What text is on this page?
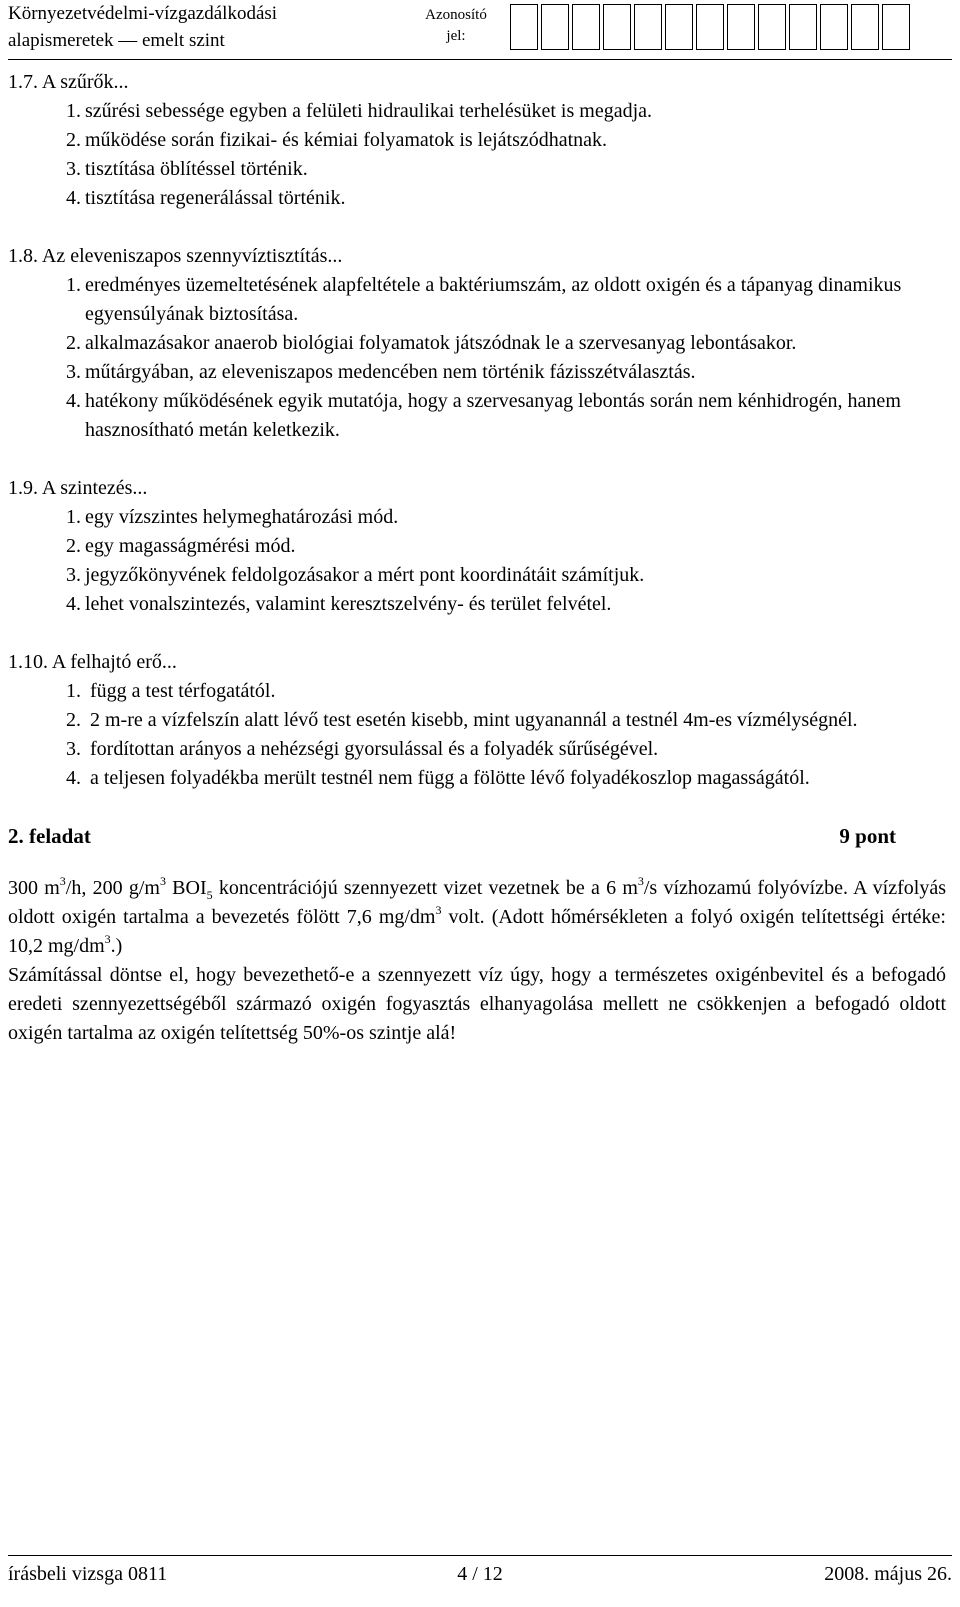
Környezetvédelmi-vízgazdálkodási
alapismeretek — emelt szint
Azonosító
jel:
1.7. A szűrők...
1. szűrési sebessége egyben a felületi hidraulikai terhelésüket is megadja.
2. működése során fizikai- és kémiai folyamatok is lejátszódhatnak.
3. tisztítása öblítéssel történik.
4. tisztítása regenerálással történik.
1.8. Az eleveniszapos szennyvíztisztítás...
1. eredményes üzemeltetésének alapfeltétele a baktériumszám, az oldott oxigén és a tápanyag dinamikus egyensúlyának biztosítása.
2. alkalmazásakor anaerob biológiai folyamatok játszódnak le a szervesanyag lebontásakor.
3. műtárgyában, az eleveniszapos medencében nem történik fázisszétválasztás.
4. hatékony működésének egyik mutatója, hogy a szervesanyag lebontás során nem kénhidrogén, hanem hasznosítható metán keletkezik.
1.9. A szintezés...
1. egy vízszintes helymeghatározási mód.
2. egy magasságmérési mód.
3. jegyzőkönyvének feldolgozásakor a mért pont koordinátáit számítjuk.
4. lehet vonalszintezés, valamint keresztszelvény- és terület felvétel.
1.10. A felhajtó erő...
1. függ a test térfogatától.
2. 2 m-re a vízfelszín alatt lévő test esetén kisebb, mint ugyanannál a testnél 4m-es vízmélységnél.
3. fordítottan arányos a nehézségi gyorsulással és a folyadék sűrűségével.
4. a teljesen folyadékba merült testnél nem függ a fölötte lévő folyadékoszlop magasságától.
2. feladat	9 pont

300 $m^3/h$, 200 $g/m^3$ $BOI_5$ koncentrációjú szennyezett vizet vezetnek be a 6 $m^3/s$ vízhozamú folyóvízbe. A vízfolyás oldott oxigén tartalma a bevezetés fölött 7,6 $mg/dm^3$ volt. (Adott hőmérsékleten a folyó oxigén telítettségi értéke: 10,2 $mg/dm^3$.)

Számítással döntse el, hogy bevezethető-e a szennyezett víz úgy, hogy a természetes oxigénbevitel és a befogadó eredeti szennyezettségéből származó oxigén fogyasztás elhanyagolása mellett ne csökkenjen a befogadó oldott oxigén tartalma az oxigén telítettség 50%-os szintje alá!

írásbeli vizsga 0811	4 / 12	2008. május 26.
